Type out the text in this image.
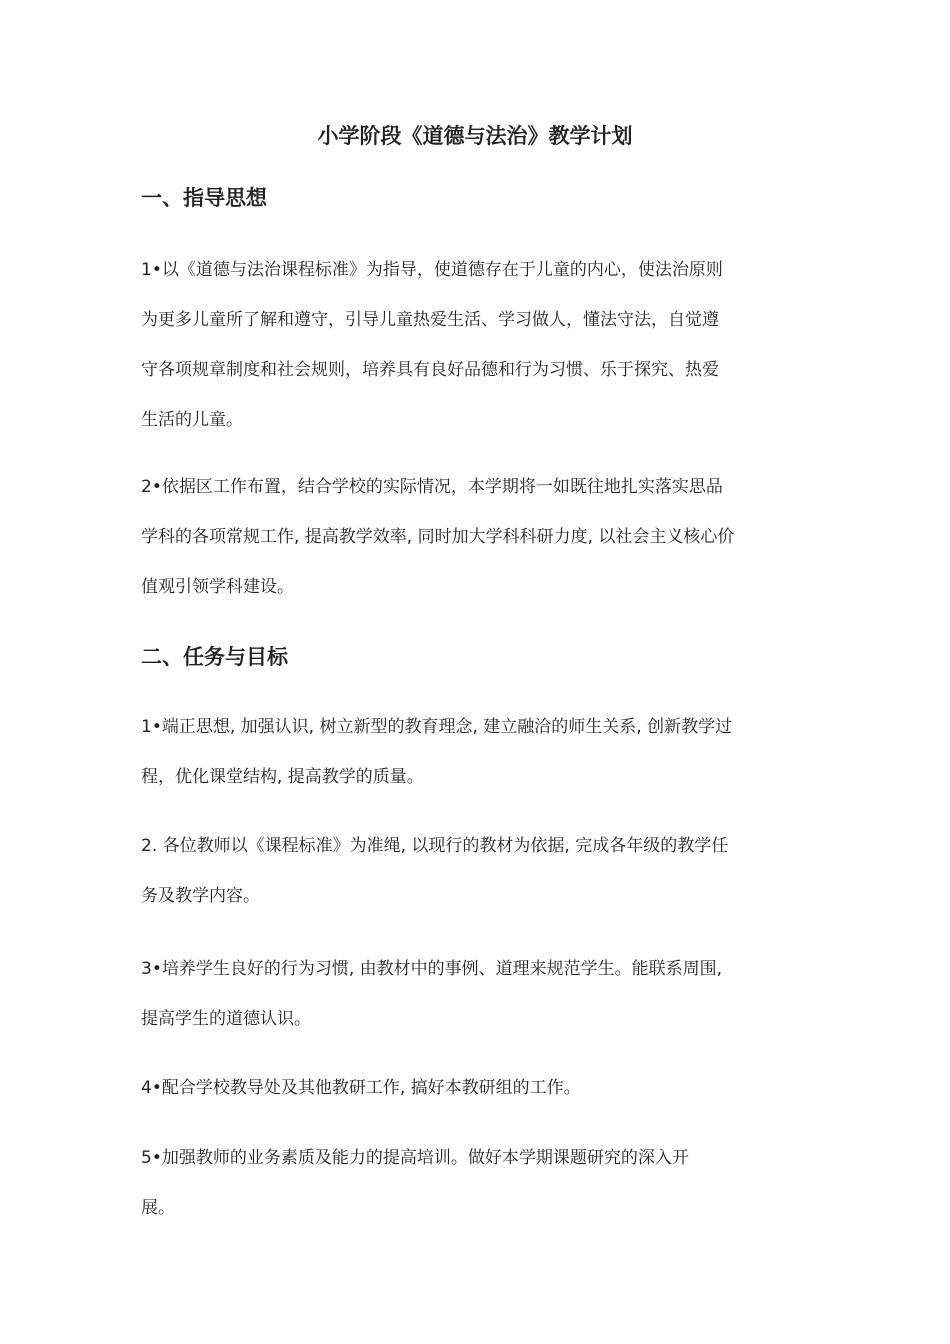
小学阶段《道德与法治》教学计划
一、指导思想
1•以《道德与法治课程标准》为指导，使道德存在于儿童的内心，使法治原则
为更多儿童所了解和遵守，引导儿童热爱生活、学习做人，懂法守法，自觉遵
守各项规章制度和社会规则，培养具有良好品德和行为习惯、乐于探究、热爱
生活的儿童。
2•依据区工作布置，结合学校的实际情况，本学期将一如既往地扎实落实思品
学科的各项常规工作, 提高教学效率, 同时加大学科科研力度, 以社会主义核心价
值观引领学科建设。
二、任务与目标
1•端正思想, 加强认识, 树立新型的教育理念, 建立融洽的师生关系, 创新教学过
程，优化课堂结构, 提高教学的质量。
2. 各位教师以《课程标准》为准绳, 以现行的教材为依据, 完成各年级的教学任
务及教学内容。
3•培养学生良好的行为习惯, 由教材中的事例、道理来规范学生。能联系周围,
提高学生的道德认识。
4•配合学校教导处及其他教研工作, 搞好本教研组的工作。
5•加强教师的业务素质及能力的提高培训。做好本学期课题研究的深入开
展。
